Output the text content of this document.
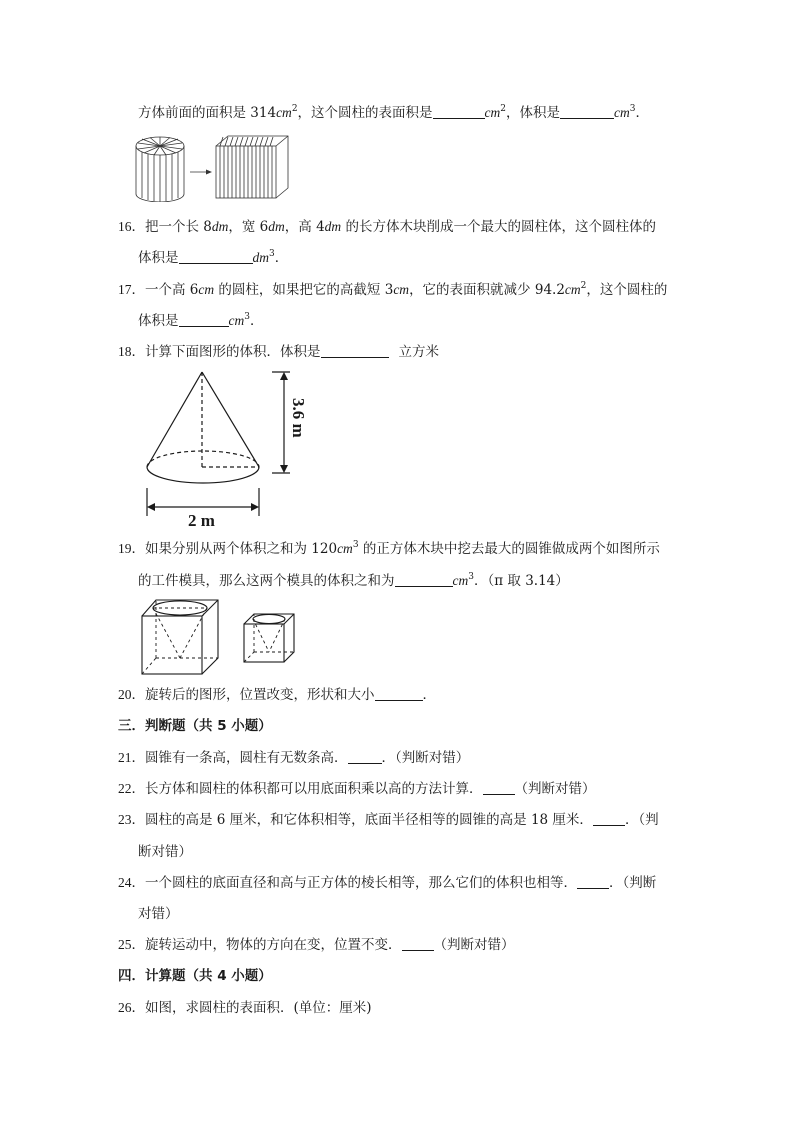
方体前面的面积是 $314cm^2$，这个圆柱的表面积是	$cm^2$，体积是	$cm^3$．
16．把一个长 8dm，宽 6dm，高 4dm 的长方体木块削成一个最大的圆柱体，这个圆柱体的
体积是	$dm^3$．
17．一个高 6cm 的圆柱，如果把它的高截短 3cm，它的表面积就减少 $94.2cm^2$，这个圆柱的
体积是	$cm^3$．
18．计算下面图形的体积．体积是	立方米
3.6 m
2 m
19．如果分别从两个体积之和为 $120cm^3$ 的正方体木块中挖去最大的圆锥做成两个如图所示
的工件模具，那么这两个模具的体积之和为	$cm^3$．（π 取 3.14）
20．旋转后的图形，位置改变，形状和大小	．
三．判断题（共 5 小题）
21．圆锥有一条高，圆柱有无数条高．	．（判断对错）
22．长方体和圆柱的体积都可以用底面积乘以高的方法计算． （判断对错）
23．圆柱的高是 6 厘米，和它体积相等，底面半径相等的圆锥的高是 18 厘米． ．（判
断对错）
24．一个圆柱的底面直径和高与正方体的棱长相等，那么它们的体积也相等． ．（判断
对错）
25．旋转运动中，物体的方向在变，位置不变． （判断对错）
四．计算题（共 4 小题）
26．如图，求圆柱的表面积．(单位：厘米)
